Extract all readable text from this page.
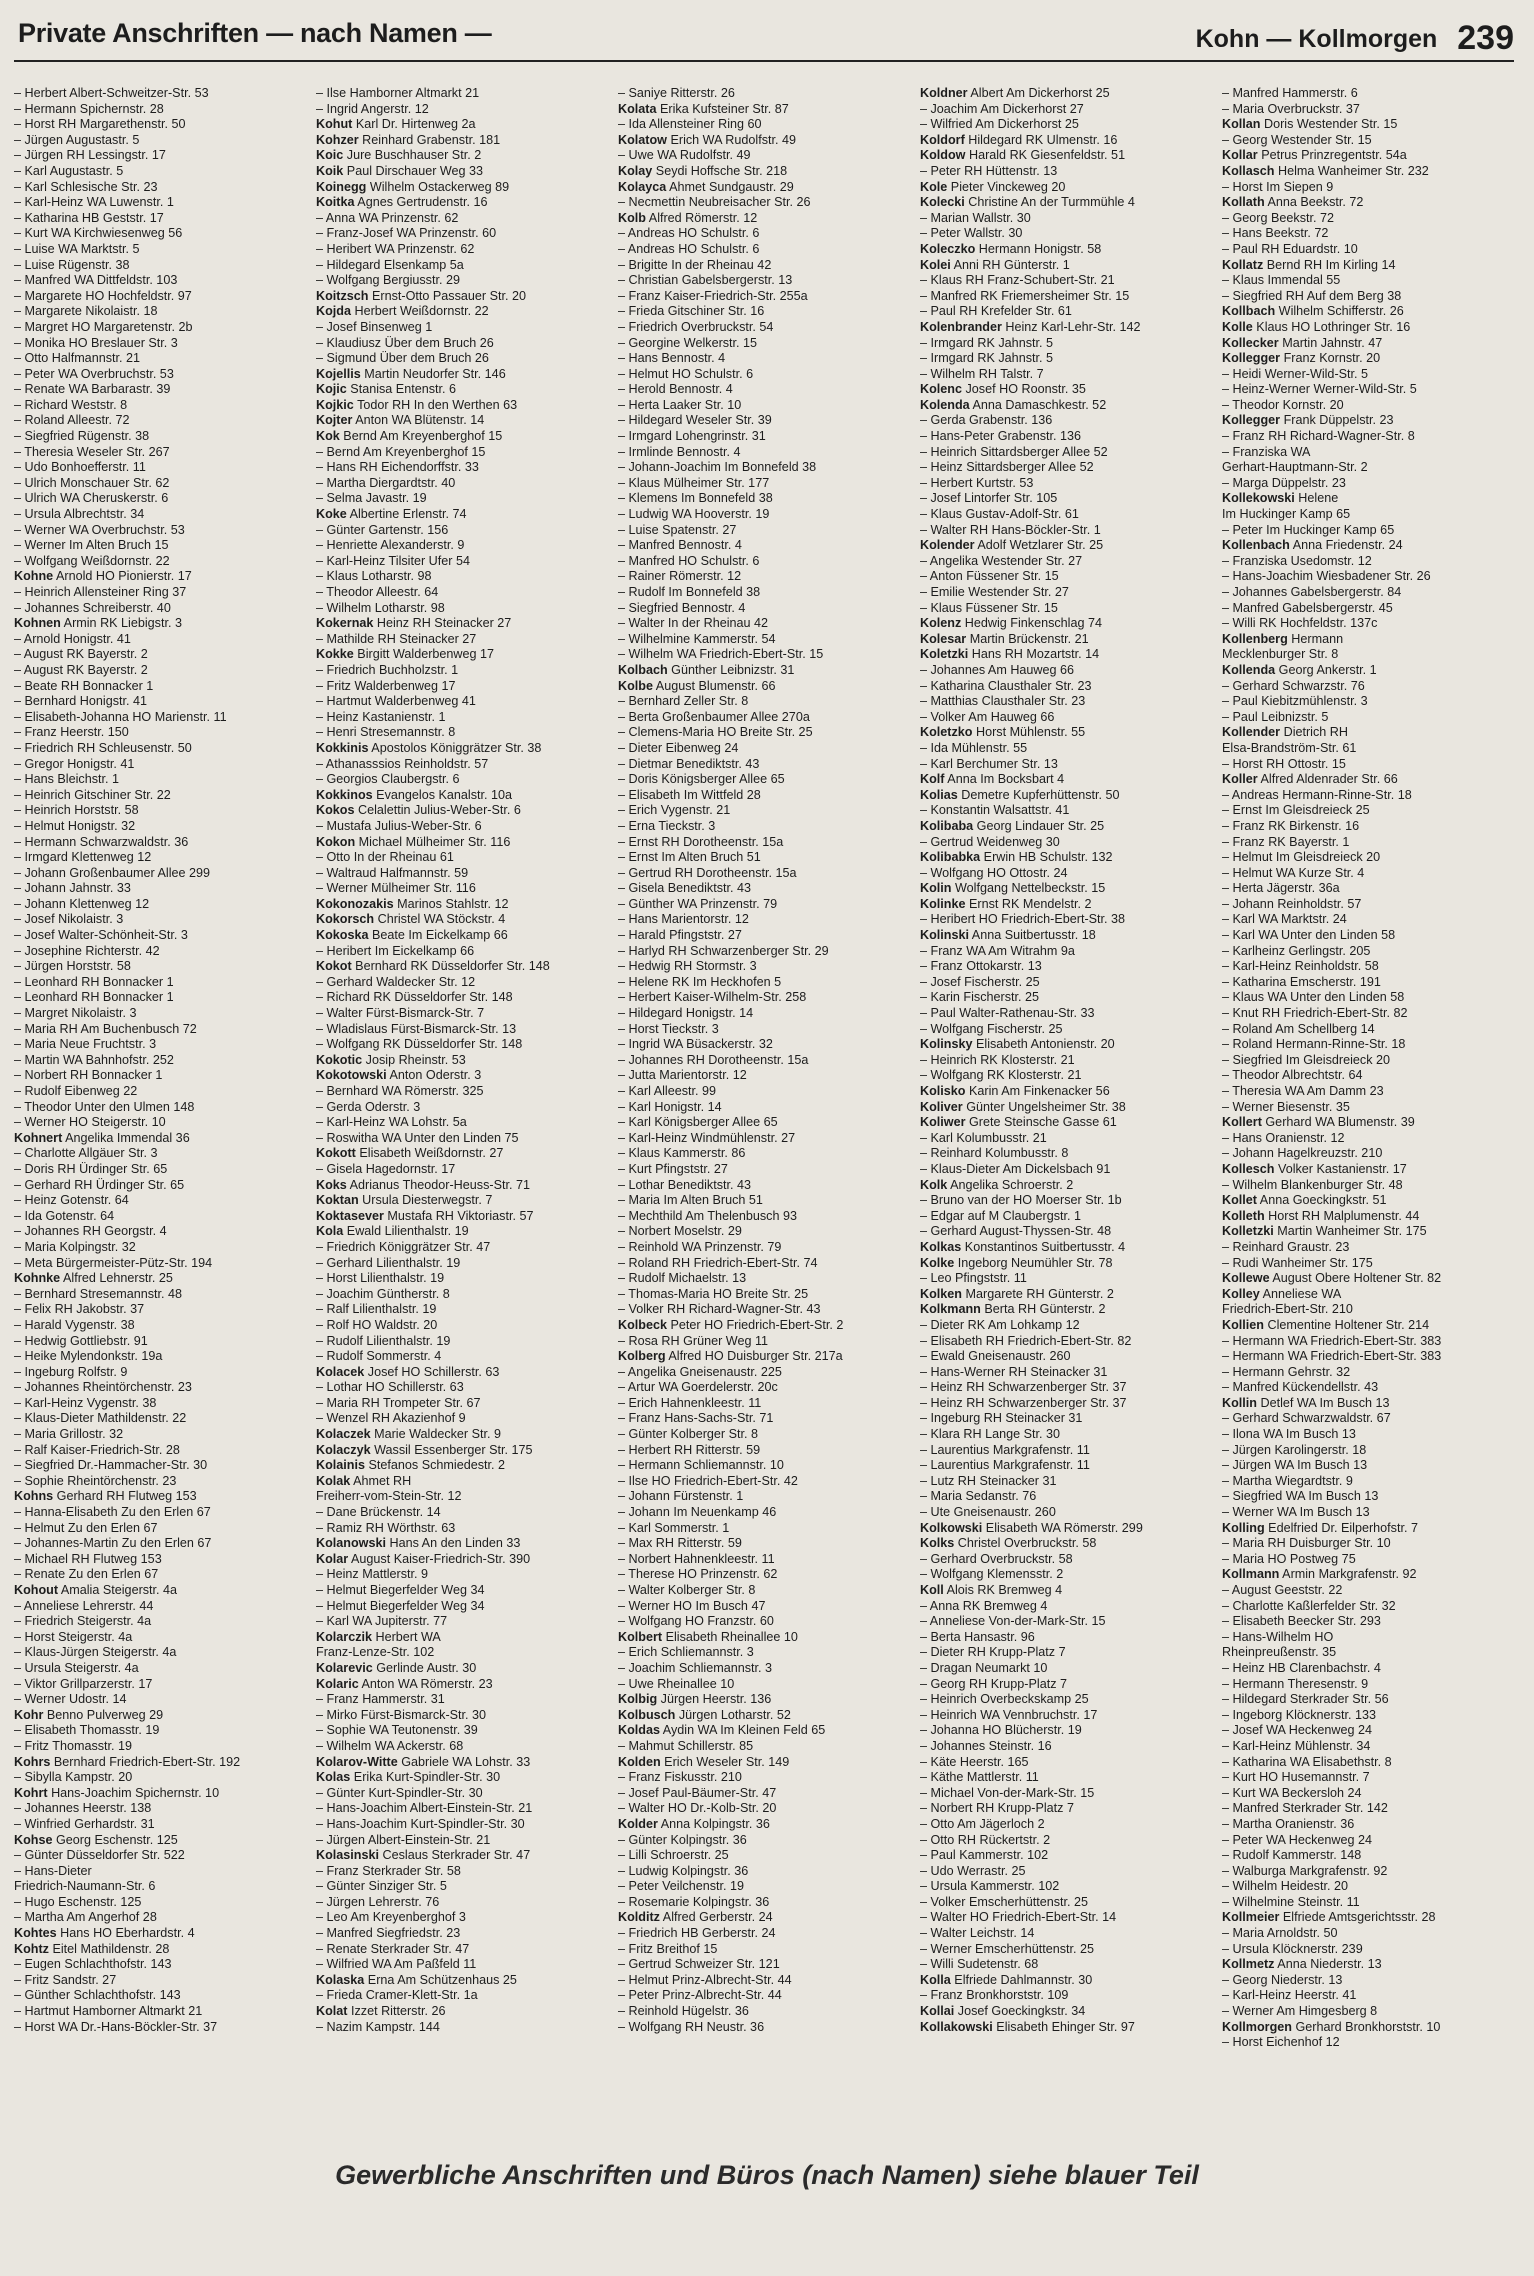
Private Anschriften — nach Namen —	Kohn — Kollmorgen 239
– Herbert Albert-Schweitzer-Str. 53
– Hermann Spichernstr. 28
– Horst RH Margarethenstr. 50
– Jürgen Augustastr. 5
– Jürgen RH Lessingstr. 17
– Karl Augustastr. 5
– Karl Schlesische Str. 23
– Karl-Heinz WA Luwenstr. 1
– Katharina HB Geststr. 17
– Kurt WA Kirchwiesenweg 56
– Luise WA Marktstr. 5
– Luise Rügenstr. 38
– Manfred WA Dittfeldstr. 103
– Margarete HO Hochfeldstr. 97
– Margarete Nikolaistr. 18
– Margret HO Margaretenstr. 2b
– Monika HO Breslauer Str. 3
– Otto Halfmannstr. 21
– Peter WA Overbruchstr. 53
– Renate WA Barbarastr. 39
– Richard Weststr. 8
– Roland Alleestr. 72
– Siegfried Rügenstr. 38
– Theresia Weseler Str. 267
– Udo Bonhoefferstr. 11
– Ulrich Monschauer Str. 62
– Ulrich WA Cheruskerstr. 6
– Ursula Albrechtstr. 34
– Werner WA Overbruchstr. 53
– Werner Im Alten Bruch 15
– Wolfgang Weißdornstr. 22
Kohne Arnold HO Pionierstr. 17
– Heinrich Allensteiner Ring 37
– Johannes Schreiberstr. 40
Kohnen Armin RK Liebigstr. 3
– Arnold Honigstr. 41
– August RK Bayerstr. 2
– August RK Bayerstr. 2
– Beate RH Bonnacker 1
– Bernhard Honigstr. 41
– Elisabeth-Johanna HO Marienstr. 11
– Franz Heerstr. 150
– Friedrich RH Schleusenstr. 50
– Gregor Honigstr. 41
– Hans Bleichstr. 1
– Heinrich Gitschiner Str. 22
– Heinrich Horststr. 58
– Helmut Honigstr. 32
– Hermann Schwarzwaldstr. 36
– Irmgard Klettenweg 12
– Johann Großenbaumer Allee 299
– Johann Jahnstr. 33
– Johann Klettenweg 12
– Josef Nikolaistr. 3
– Josef Walter-Schönheit-Str. 3
– Josephine Richterstr. 42
– Jürgen Horststr. 58
– Leonhard RH Bonnacker 1
– Leonhard RH Bonnacker 1
– Margret Nikolaistr. 3
– Maria RH Am Buchenbusch 72
– Maria Neue Fruchtstr. 3
– Martin WA Bahnhofstr. 252
– Norbert RH Bonnacker 1
– Rudolf Eibenweg 22
– Theodor Unter den Ulmen 148
– Werner HO Steigerstr. 10
Kohnert Angelika Immendal 36
– Charlotte Allgäuer Str. 3
– Doris RH Ürdinger Str. 65
– Gerhard RH Ürdinger Str. 65
– Heinz Gotenstr. 64
– Ida Gotenstr. 64
– Johannes RH Georgstr. 4
– Maria Kolpingstr. 32
– Meta Bürgermeister-Pütz-Str. 194
Kohnke Alfred Lehnerstr. 25
– Bernhard Stresemannstr. 48
– Felix RH Jakobstr. 37
– Harald Vygenstr. 38
– Hedwig Gottliebstr. 91
– Heike Mylendonkstr. 19a
– Ingeburg Rolfstr. 9
– Johannes Rheintörchenstr. 23
– Karl-Heinz Vygenstr. 38
– Klaus-Dieter Mathildenstr. 22
– Maria Grillostr. 32
– Ralf Kaiser-Friedrich-Str. 28
– Siegfried Dr.-Hammacher-Str. 30
– Sophie Rheintörchenstr. 23
Kohns Gerhard RH Flutweg 153
– Hanna-Elisabeth Zu den Erlen 67
– Helmut Zu den Erlen 67
– Johannes-Martin Zu den Erlen 67
– Michael RH Flutweg 153
– Renate Zu den Erlen 67
Kohout Amalia Steigerstr. 4a
– Anneliese Lehrerstr. 44
– Friedrich Steigerstr. 4a
– Horst Steigerstr. 4a
– Klaus-Jürgen Steigerstr. 4a
– Ursula Steigerstr. 4a
– Viktor Grillparzerstr. 17
– Werner Udostr. 14
Kohr Benno Pulverweg 29
– Elisabeth Thomasstr. 19
– Fritz Thomasstr. 19
Kohrs Bernhard Friedrich-Ebert-Str. 192
– Sibylla Kampstr. 20
Kohrt Hans-Joachim Spichernstr. 10
– Johannes Heerstr. 138
– Winfried Gerhardstr. 31
Kohse Georg Eschenstr. 125
– Günter Düsseldorfer Str. 522
– Hans-Dieter
Friedrich-Naumann-Str. 6
– Hugo Eschenstr. 125
– Martha Am Angerhof 28
Kohtes Hans HO Eberhardstr. 4
Kohtz Eitel Mathildenstr. 28
– Eugen Schlachthofstr. 143
– Fritz Sandstr. 27
– Günther Schlachthofstr. 143
– Hartmut Hamborner Altmarkt 21
– Horst WA Dr.-Hans-Böckler-Str. 37
– Ilse Hamborner Altmarkt 21
– Ingrid Angerstr. 12
Kohut Karl Dr. Hirtenweg 2a
Kohzer Reinhard Grabenstr. 181
Koic Jure Buschhauser Str. 2
Koik Paul Dirschauer Weg 33
Koinegg Wilhelm Ostackerweg 89
Koitka Agnes Gertrudenstr. 16
– Anna WA Prinzenstr. 62
– Franz-Josef WA Prinzenstr. 60
– Heribert WA Prinzenstr. 62
– Hildegard Elsenkamp 5a
– Wolfgang Bergiusstr. 29
Koitzsch Ernst-Otto Passauer Str. 20
Kojda Herbert Weißdornstr. 22
– Josef Binsenweg 1
– Klaudiusz Über dem Bruch 26
– Sigmund Über dem Bruch 26
Kojellis Martin Neudorfer Str. 146
Kojic Stanisa Entenstr. 6
Kojkic Todor RH In den Werthen 63
Kojter Anton WA Blütenstr. 14
Kok Bernd Am Kreyenberghof 15
– Bernd Am Kreyenberghof 15
– Hans RH Eichendorffstr. 33
– Martha Diergardtstr. 40
– Selma Javastr. 19
Koke Albertine Erlenstr. 74
– Günter Gartenstr. 156
– Henriette Alexanderstr. 9
– Karl-Heinz Tilsiter Ufer 54
– Klaus Lotharstr. 98
– Theodor Alleestr. 64
– Wilhelm Lotharstr. 98
Kokernak Heinz RH Steinacker 27
– Mathilde RH Steinacker 27
Kokke Birgitt Walderbenweg 17
– Friedrich Buchholzstr. 1
– Fritz Walderbenweg 17
– Hartmut Walderbenweg 41
– Heinz Kastanienstr. 1
– Henri Stresemannstr. 8
Kokkinis Apostolos Königgrätzer Str. 38
– Athanasssios Reinholdstr. 57
– Georgios Claubergstr. 6
Kokkinos Evangelos Kanalstr. 10a
Kokos Celalettin Julius-Weber-Str. 6
– Mustafa Julius-Weber-Str. 6
Kokon Michael Mülheimer Str. 116
– Otto In der Rheinau 61
– Waltraud Halfmannstr. 59
– Werner Mülheimer Str. 116
Kokonozakis Marinos Stahlstr. 12
Kokorsch Christel WA Stöckstr. 4
Kokoska Beate Im Eickelkamp 66
– Heribert Im Eickelkamp 66
Kokot Bernhard RK Düsseldorfer Str. 148
– Gerhard Waldecker Str. 12
– Richard RK Düsseldorfer Str. 148
– Walter Fürst-Bismarck-Str. 7
– Wladislaus Fürst-Bismarck-Str. 13
– Wolfgang RK Düsseldorfer Str. 148
Kokotic Josip Rheinstr. 53
Kokotowski Anton Oderstr. 3
– Bernhard WA Römerstr. 325
– Gerda Oderstr. 3
– Karl-Heinz WA Lohstr. 5a
– Roswitha WA Unter den Linden 75
Kokott Elisabeth Weißdornstr. 27
– Gisela Hagedornstr. 17
Koks Adrianus Theodor-Heuss-Str. 71
Koktan Ursula Diesterwegstr. 7
Koktasever Mustafa RH Viktoriastr. 57
Kola Ewald Lilienthalstr. 19
– Friedrich Königgrätzer Str. 47
– Gerhard Lilienthalstr. 19
– Horst Lilienthalstr. 19
– Joachim Güntherstr. 8
– Ralf Lilienthalstr. 19
– Rolf HO Waldstr. 20
– Rudolf Lilienthalstr. 19
– Rudolf Sommerstr. 4
Kolacek Josef HO Schillerstr. 63
– Lothar HO Schillerstr. 63
– Maria RH Trompeter Str. 67
– Wenzel RH Akazienhof 9
Kolaczek Marie Waldecker Str. 9
Kolaczyk Wassil Essenberger Str. 175
Kolainis Stefanos Schmiedestr. 2
Kolak Ahmet RH
Freiherr-vom-Stein-Str. 12
– Dane Brückenstr. 14
– Ramiz RH Wörthstr. 63
Kolanowski Hans An den Linden 33
Kolar August Kaiser-Friedrich-Str. 390
– Heinz Mattlerstr. 9
– Helmut Biegerfelder Weg 34
– Helmut Biegerfelder Weg 34
– Karl WA Jupiterstr. 77
Kolarczik Herbert WA
Franz-Lenze-Str. 102
Kolarevic Gerlinde Austr. 30
Kolaric Anton WA Römerstr. 23
– Franz Hammerstr. 31
– Mirko Fürst-Bismarck-Str. 30
– Sophie WA Teutonenstr. 39
– Wilhelm WA Ackerstr. 68
Kolarov-Witte Gabriele WA Lohstr. 33
Kolas Erika Kurt-Spindler-Str. 30
– Günter Kurt-Spindler-Str. 30
– Hans-Joachim Albert-Einstein-Str. 21
– Hans-Joachim Kurt-Spindler-Str. 30
– Jürgen Albert-Einstein-Str. 21
Kolasinski Ceslaus Sterkrader Str. 47
– Franz Sterkrader Str. 58
– Günter Sinziger Str. 5
– Jürgen Lehrerstr. 76
– Leo Am Kreyenberghof 3
– Manfred Siegfriedstr. 23
– Renate Sterkrader Str. 47
– Wilfried WA Am Paßfeld 11
Kolaska Erna Am Schützenhaus 25
– Frieda Cramer-Klett-Str. 1a
Kolat Izzet Ritterstr. 26
– Nazim Kampstr. 144
– Saniye Ritterstr. 26
Kolata Erika Kufsteiner Str. 87
– Ida Allensteiner Ring 60
Kolatow Erich WA Rudolfstr. 49
– Uwe WA Rudolfstr. 49
Kolay Seydi Hoffsche Str. 218
Kolayca Ahmet Sundgaustr. 29
– Necmettin Neubreisacher Str. 26
Kolb Alfred Römerstr. 12
– Andreas HO Schulstr. 6
– Andreas HO Schulstr. 6
– Brigitte In der Rheinau 42
– Christian Gabelsbergerstr. 13
– Franz Kaiser-Friedrich-Str. 255a
– Frieda Gitschiner Str. 16
– Friedrich Overbruckstr. 54
– Georgine Welkerstr. 15
– Hans Bennostr. 4
– Helmut HO Schulstr. 6
– Herold Bennostr. 4
– Herta Laaker Str. 10
– Hildegard Weseler Str. 39
– Irmgard Lohengrinstr. 31
– Irmlinde Bennostr. 4
– Johann-Joachim Im Bonnefeld 38
– Klaus Mülheimer Str. 177
– Klemens Im Bonnefeld 38
– Ludwig WA Hooverstr. 19
– Luise Spatenstr. 27
– Manfred Bennostr. 4
– Manfred HO Schulstr. 6
– Rainer Römerstr. 12
– Rudolf Im Bonnefeld 38
– Siegfried Bennostr. 4
– Walter In der Rheinau 42
– Wilhelmine Kammerstr. 54
– Wilhelm WA Friedrich-Ebert-Str. 15
Kolbach Günther Leibnizstr. 31
Kolbe August Blumenstr. 66
– Bernhard Zeller Str. 8
– Berta Großenbaumer Allee 270a
– Clemens-Maria HO Breite Str. 25
– Dieter Eibenweg 24
– Dietmar Benediktstr. 43
– Doris Königsberger Allee 65
– Elisabeth Im Wittfeld 28
– Erich Vygenstr. 21
– Erna Tieckstr. 3
– Ernst RH Dorotheenstr. 15a
– Ernst Im Alten Bruch 51
– Gertrud RH Dorotheenstr. 15a
– Gisela Benediktstr. 43
– Günther WA Prinzenstr. 79
– Hans Marientorstr. 12
– Harald Pfingststr. 27
– Harlyd RH Schwarzenberger Str. 29
– Hedwig RH Stormstr. 3
– Helene RK Im Heckhofen 5
– Herbert Kaiser-Wilhelm-Str. 258
– Hildegard Honigstr. 14
– Horst Tieckstr. 3
– Ingrid WA Büsackerstr. 32
– Johannes RH Dorotheenstr. 15a
– Jutta Marientorstr. 12
– Karl Alleestr. 99
– Karl Honigstr. 14
– Karl Königsberger Allee 65
– Karl-Heinz Windmühlenstr. 27
– Klaus Kammerstr. 86
– Kurt Pfingststr. 27
– Lothar Benediktstr. 43
– Maria Im Alten Bruch 51
– Mechthild Am Thelenbusch 93
– Norbert Moselstr. 29
– Reinhold WA Prinzenstr. 79
– Roland RH Friedrich-Ebert-Str. 74
– Rudolf Michaelstr. 13
– Thomas-Maria HO Breite Str. 25
– Volker RH Richard-Wagner-Str. 43
Kolbeck Peter HO Friedrich-Ebert-Str. 2
– Rosa RH Grüner Weg 11
Kolberg Alfred HO Duisburger Str. 217a
– Angelika Gneisenaustr. 225
– Artur WA Goerdelerstr. 20c
– Erich Hahnenkleestr. 11
– Franz Hans-Sachs-Str. 71
– Günter Kolberger Str. 8
– Herbert RH Ritterstr. 59
– Hermann Schliemannstr. 10
– Ilse HO Friedrich-Ebert-Str. 42
– Johann Fürstenstr. 1
– Johann Im Neuenkamp 46
– Karl Sommerstr. 1
– Max RH Ritterstr. 59
– Norbert Hahnenkleestr. 11
– Therese HO Prinzenstr. 62
– Walter Kolberger Str. 8
– Werner HO Im Busch 47
– Wolfgang HO Franzstr. 60
Kolbert Elisabeth Rheinallee 10
– Erich Schliemannstr. 3
– Joachim Schliemannstr. 3
– Uwe Rheinallee 10
Kolbig Jürgen Heerstr. 136
Kolbusch Jürgen Lotharstr. 52
Koldas Aydin WA Im Kleinen Feld 65
– Mahmut Schillerstr. 85
Kolden Erich Weseler Str. 149
– Franz Fiskusstr. 210
– Josef Paul-Bäumer-Str. 47
– Walter HO Dr.-Kolb-Str. 20
Kolder Anna Kolpingstr. 36
– Günter Kolpingstr. 36
– Lilli Schroerstr. 25
– Ludwig Kolpingstr. 36
– Peter Veilchenstr. 19
– Rosemarie Kolpingstr. 36
Kolditz Alfred Gerberstr. 24
– Friedrich HB Gerberstr. 24
– Fritz Breithof 15
– Gertrud Schweizer Str. 121
– Helmut Prinz-Albrecht-Str. 44
– Peter Prinz-Albrecht-Str. 44
– Reinhold Hügelstr. 36
– Wolfgang RH Neustr. 36
Koldner Albert Am Dickerhorst 25
– Joachim Am Dickerhorst 27
– Wilfried Am Dickerhorst 25
Koldorf Hildegard RK Ulmenstr. 16
Koldow Harald RK Giesenfeldstr. 51
– Peter RH Hüttenstr. 13
Kole Pieter Vinckeweg 20
Kolecki Christine An der Turmmühle 4
– Marian Wallstr. 30
– Peter Wallstr. 30
Koleczko Hermann Honigstr. 58
Kolei Anni RH Günterstr. 1
– Klaus RH Franz-Schubert-Str. 21
– Manfred RK Friemersheimer Str. 15
– Paul RH Krefelder Str. 61
Kolenbrander Heinz Karl-Lehr-Str. 142
– Irmgard RK Jahnstr. 5
– Irmgard RK Jahnstr. 5
– Wilhelm RH Talstr. 7
Kolenc Josef HO Roonstr. 35
Kolenda Anna Damaschkestr. 52
– Gerda Grabenstr. 136
– Hans-Peter Grabenstr. 136
– Heinrich Sittardsberger Allee 52
– Heinz Sittardsberger Allee 52
– Herbert Kurtstr. 53
– Josef Lintorfer Str. 105
– Klaus Gustav-Adolf-Str. 61
– Walter RH Hans-Böckler-Str. 1
Kolender Adolf Wetzlarer Str. 25
– Angelika Westender Str. 27
– Anton Füssener Str. 15
– Emilie Westender Str. 27
– Klaus Füssener Str. 15
Kolenz Hedwig Finkenschlag 74
Kolesar Martin Brückenstr. 21
Koletzki Hans RH Mozartstr. 14
– Johannes Am Hauweg 66
– Katharina Clausthaler Str. 23
– Matthias Clausthaler Str. 23
– Volker Am Hauweg 66
Koletzko Horst Mühlenstr. 55
– Ida Mühlenstr. 55
– Karl Berchumer Str. 13
Kolf Anna Im Bocksbart 4
Kolias Demetre Kupferhüttenstr. 50
– Konstantin Walsattstr. 41
Kolibaba Georg Lindauer Str. 25
– Gertrud Weidenweg 30
Kolibabka Erwin HB Schulstr. 132
– Wolfgang HO Ottostr. 24
Kolin Wolfgang Nettelbeckstr. 15
Kolinke Ernst RK Mendelstr. 2
– Heribert HO Friedrich-Ebert-Str. 38
Kolinski Anna Suitbertusstr. 18
– Franz WA Am Witrahm 9a
– Franz Ottokarstr. 13
– Josef Fischerstr. 25
– Karin Fischerstr. 25
– Paul Walter-Rathenau-Str. 33
– Wolfgang Fischerstr. 25
Kolinsky Elisabeth Antonienstr. 20
– Heinrich RK Klosterstr. 21
– Wolfgang RK Klosterstr. 21
Kolisko Karin Am Finkenacker 56
Koliver Günter Ungelsheimer Str. 38
Koliwer Grete Steinsche Gasse 61
– Karl Kolumbusstr. 21
– Reinhard Kolumbusstr. 8
– Klaus-Dieter Am Dickelsbach 91
Kolk Angelika Schroerstr. 2
– Bruno van der HO Moerser Str. 1b
– Edgar auf M Claubergstr. 1
– Gerhard August-Thyssen-Str. 48
Kolkas Konstantinos Suitbertusstr. 4
Kolke Ingeborg Neumühler Str. 78
– Leo Pfingststr. 11
Kolken Margarete RH Günterstr. 2
Kolkmann Berta RH Günterstr. 2
– Dieter RK Am Lohkamp 12
– Elisabeth RH Friedrich-Ebert-Str. 82
– Ewald Gneisenaustr. 260
– Hans-Werner RH Steinacker 31
– Heinz RH Schwarzenberger Str. 37
– Heinz RH Schwarzenberger Str. 37
– Ingeburg RH Steinacker 31
– Klara RH Lange Str. 30
– Laurentius Markgrafenstr. 11
– Laurentius Markgrafenstr. 11
– Lutz RH Steinacker 31
– Maria Sedanstr. 76
– Ute Gneisenaustr. 260
Kolkowski Elisabeth WA Römerstr. 299
Kolks Christel Overbruckstr. 58
– Gerhard Overbruckstr. 58
– Wolfgang Klemensstr. 2
Koll Alois RK Bremweg 4
– Anna RK Bremweg 4
– Anneliese Von-der-Mark-Str. 15
– Berta Hansastr. 96
– Dieter RH Krupp-Platz 7
– Dragan Neumarkt 10
– Georg RH Krupp-Platz 7
– Heinrich Overbeckskamp 25
– Heinrich WA Vennbruchstr. 17
– Johanna HO Blücherstr. 19
– Johannes Steinstr. 16
– Käte Heerstr. 165
– Käthe Mattlerstr. 11
– Michael Von-der-Mark-Str. 15
– Norbert RH Krupp-Platz 7
– Otto Am Jägerloch 2
– Otto RH Rückertstr. 2
– Paul Kammerstr. 102
– Udo Werrastr. 25
– Ursula Kammerstr. 102
– Volker Emscherhüttenstr. 25
– Walter HO Friedrich-Ebert-Str. 14
– Walter Leichstr. 14
– Werner Emscherhüttenstr. 25
– Willi Sudetenstr. 68
Kolla Elfriede Dahlmannstr. 30
– Franz Bronkhorststr. 109
Kollai Josef Goeckingkstr. 34
Kollakowski Elisabeth Ehinger Str. 97
– Manfred Hammerstr. 6
– Maria Overbruckstr. 37
Kollan Doris Westender Str. 15
– Georg Westender Str. 15
Kollar Petrus Prinzregentstr. 54a
Kollasch Helma Wanheimer Str. 232
– Horst Im Siepen 9
Kollath Anna Beekstr. 72
– Georg Beekstr. 72
– Hans Beekstr. 72
– Paul RH Eduardstr. 10
Kollatz Bernd RH Im Kirling 14
– Klaus Immendal 55
– Siegfried RH Auf dem Berg 38
Kollbach Wilhelm Schifferstr. 26
Kolle Klaus HO Lothringer Str. 16
Kollecker Martin Jahnstr. 47
Kollegger Franz Kornstr. 20
– Heidi Werner-Wild-Str. 5
– Heinz-Werner Werner-Wild-Str. 5
– Theodor Kornstr. 20
Kollegger Frank Düppelstr. 23
– Franz RH Richard-Wagner-Str. 8
– Franziska WA
Gerhart-Hauptmann-Str. 2
– Marga Düppelstr. 23
Kollekowski Helene
Im Huckinger Kamp 65
– Peter Im Huckinger Kamp 65
Kollenbach Anna Friedenstr. 24
– Franziska Usedomstr. 12
– Hans-Joachim Wiesbadener Str. 26
– Johannes Gabelsbergerstr. 84
– Manfred Gabelsbergerstr. 45
– Willi RK Hochfeldstr. 137c
Kollenberg Hermann
Mecklenburger Str. 8
Kollenda Georg Ankerstr. 1
– Gerhard Schwarzstr. 76
– Paul Kiebitzmühlenstr. 3
– Paul Leibnizstr. 5
Kollender Dietrich RH
Elsa-Brandström-Str. 61
– Horst RH Ottostr. 15
Koller Alfred Aldenrader Str. 66
– Andreas Hermann-Rinne-Str. 18
– Ernst Im Gleisdreieck 25
– Franz RK Birkenstr. 16
– Franz RK Bayerstr. 1
– Helmut Im Gleisdreieck 20
– Helmut WA Kurze Str. 4
– Herta Jägerstr. 36a
– Johann Reinholdstr. 57
– Karl WA Marktstr. 24
– Karl WA Unter den Linden 58
– Karlheinz Gerlingstr. 205
– Karl-Heinz Reinholdstr. 58
– Katharina Emscherstr. 191
– Klaus WA Unter den Linden 58
– Knut RH Friedrich-Ebert-Str. 82
– Roland Am Schellberg 14
– Roland Hermann-Rinne-Str. 18
– Siegfried Im Gleisdreieck 20
– Theodor Albrechtstr. 64
– Theresia WA Am Damm 23
– Werner Biesenstr. 35
Kollert Gerhard WA Blumenstr. 39
– Hans Oranienstr. 12
– Johann Hagelkreuzstr. 210
Kollesch Volker Kastanienstr. 17
– Wilhelm Blankenburger Str. 48
Kollet Anna Goeckingkstr. 51
Kolleth Horst RH Malplumenstr. 44
Kolletzki Martin Wanheimer Str. 175
– Reinhard Graustr. 23
– Rudi Wanheimer Str. 175
Kollewe August Obere Holtener Str. 82
Kolley Anneliese WA
Friedrich-Ebert-Str. 210
Kollien Clementine Holtener Str. 214
– Hermann WA Friedrich-Ebert-Str. 383
– Hermann WA Friedrich-Ebert-Str. 383
– Hermann Gehrstr. 32
– Manfred Kückendellstr. 43
Kollin Detlef WA Im Busch 13
– Gerhard Schwarzwaldstr. 67
– Ilona WA Im Busch 13
– Jürgen Karolingerstr. 18
– Jürgen WA Im Busch 13
– Martha Wiegardtstr. 9
– Siegfried WA Im Busch 13
– Werner WA Im Busch 13
Kolling Edelfried Dr. Eilperhofstr. 7
– Maria RH Duisburger Str. 10
– Maria HO Postweg 75
Kollmann Armin Markgrafenstr. 92
– August Geeststr. 22
– Charlotte Kaßlerfelder Str. 32
– Elisabeth Beecker Str. 293
– Hans-Wilhelm HO
Rheinpreußenstr. 35
– Heinz HB Clarenbachstr. 4
– Hermann Theresenstr. 9
– Hildegard Sterkrader Str. 56
– Ingeborg Klöcknerstr. 133
– Josef WA Heckenweg 24
– Karl-Heinz Mühlenstr. 34
– Katharina WA Elisabethstr. 8
– Kurt HO Husemannstr. 7
– Kurt WA Beckersloh 24
– Manfred Sterkrader Str. 142
– Martha Oranienstr. 36
– Peter WA Heckenweg 24
– Rudolf Kammerstr. 148
– Walburga Markgrafenstr. 92
– Wilhelm Heidestr. 20
– Wilhelmine Steinstr. 11
Kollmeier Elfriede Amtsgerichtsstr. 28
– Maria Arnoldstr. 50
– Ursula Klöcknerstr. 239
Kollmetz Anna Niederstr. 13
– Georg Niederstr. 13
– Karl-Heinz Heerstr. 41
– Werner Am Himgesberg 8
Kollmorgen Gerhard Bronkhorststr. 10
– Horst Eichenhof 12
Gewerbliche Anschriften und Büros (nach Namen) siehe blauer Teil
